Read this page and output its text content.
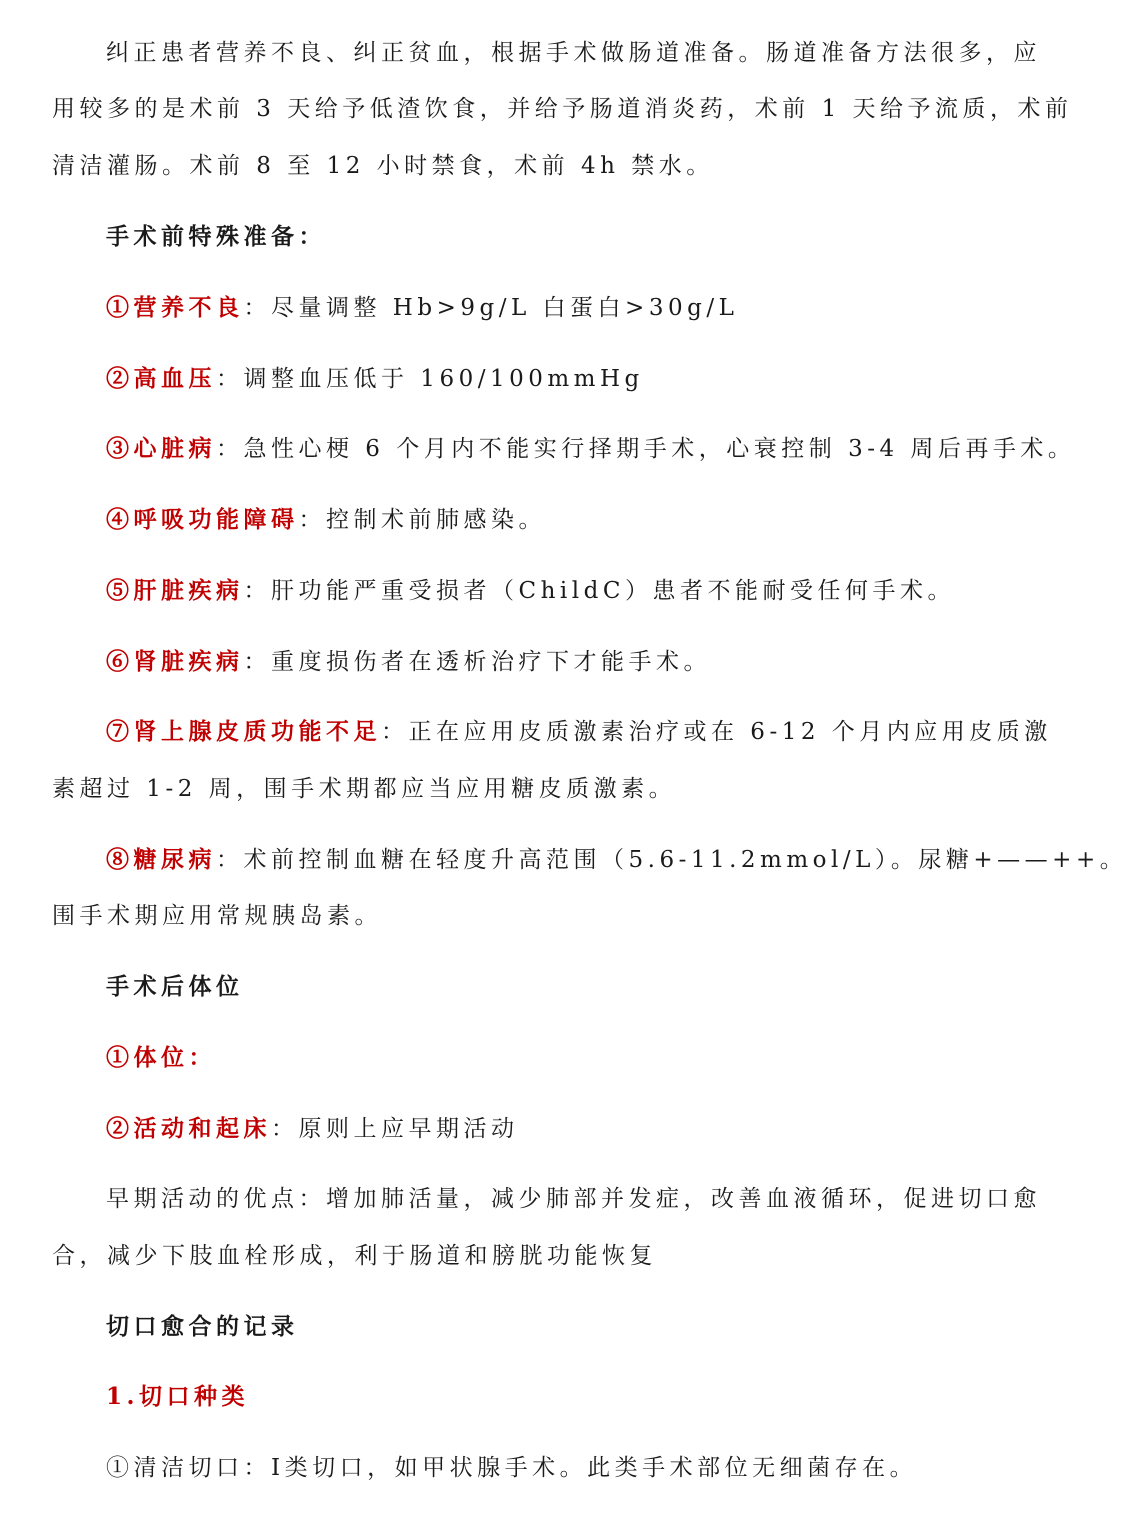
纠正患者营养不良、纠正贫血，根据手术做肠道准备。肠道准备方法很多，应
用较多的是术前 3 天给予低渣饮食，并给予肠道消炎药，术前 1 天给予流质，术前
清洁灌肠。术前 8 至 12 小时禁食，术前 4h 禁水。
手术前特殊准备：
①营养不良：尽量调整 Hb>9g/L 白蛋白>30g/L
②高血压：调整血压低于 160/100mmHg
③心脏病：急性心梗 6 个月内不能实行择期手术，心衰控制 3-4 周后再手术。
④呼吸功能障碍：控制术前肺感染。
⑤肝脏疾病：肝功能严重受损者（ChildC）患者不能耐受任何手术。
⑥肾脏疾病：重度损伤者在透析治疗下才能手术。
⑦肾上腺皮质功能不足：正在应用皮质激素治疗或在 6-12 个月内应用皮质激
素超过 1-2 周，围手术期都应当应用糖皮质激素。
⑧糖尿病：术前控制血糖在轻度升高范围（5.6-11.2mmol/L）。尿糖+——++。
围手术期应用常规胰岛素。
手术后体位
①体位：
②活动和起床：原则上应早期活动
早期活动的优点：增加肺活量，减少肺部并发症，改善血液循环，促进切口愈
合，减少下肢血栓形成，利于肠道和膀胱功能恢复
切口愈合的记录
1.切口种类
①清洁切口：Ⅰ类切口，如甲状腺手术。此类手术部位无细菌存在。
